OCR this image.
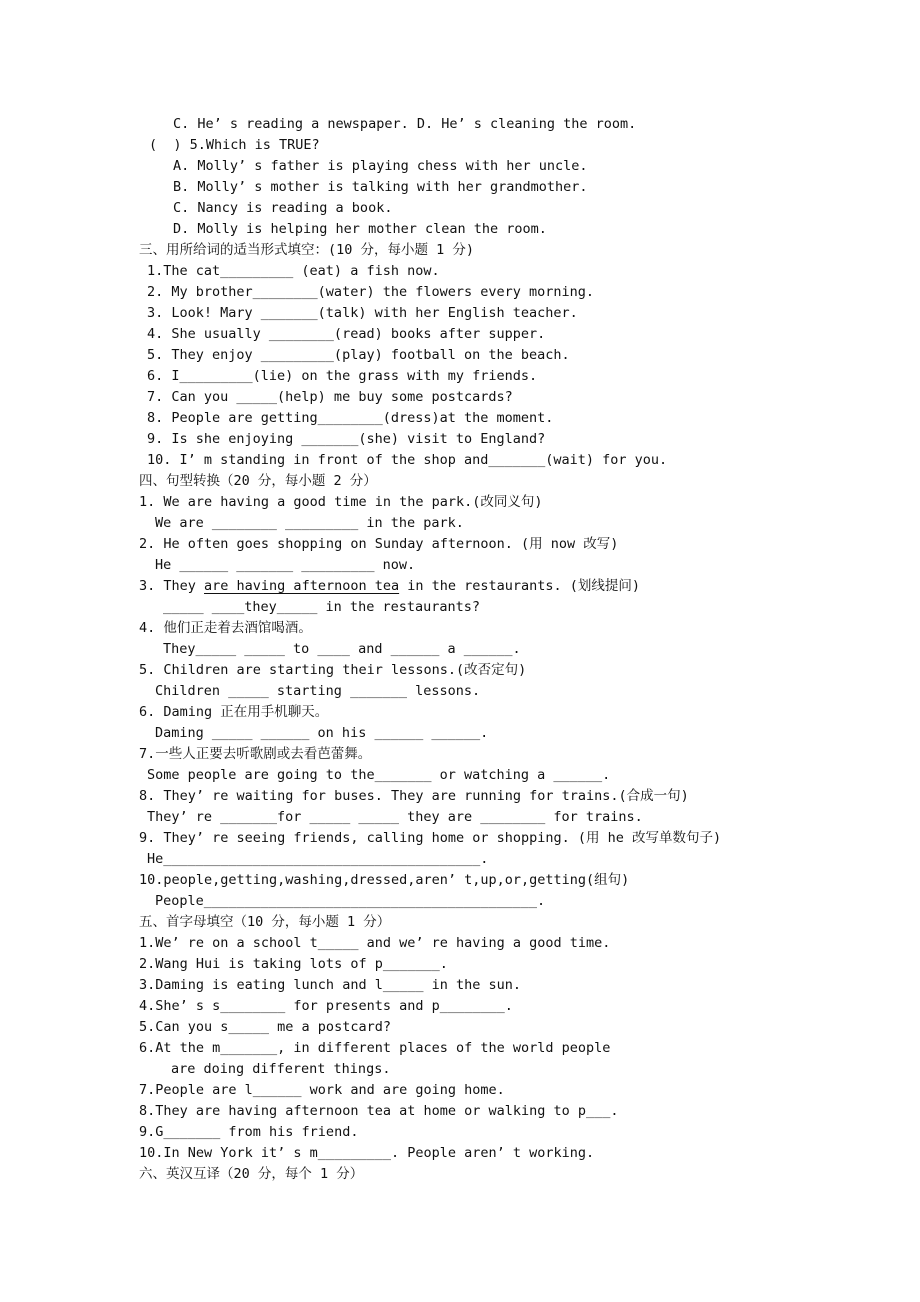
C. He’ s reading a newspaper. D. He’ s cleaning the room.
(  ) 5.Which is TRUE?
A. Molly’ s father is playing chess with her uncle.
B. Molly’ s mother is talking with her grandmother.
C. Nancy is reading a book.
D. Molly is helping her mother clean the room.
三、用所给词的适当形式填空：(10 分，每小题 1 分)
1.The cat_________ (eat) a fish now.
2. My brother________(water) the flowers every morning.
3. Look! Mary _______(talk) with her English teacher.
4. She usually ________(read) books after supper.
5. They enjoy _________(play) football on the beach.
6. I_________(lie) on the grass with my friends.
7. Can you _____(help) me buy some postcards?
8. People are getting________(dress)at the moment.
9. Is she enjoying _______(she) visit to England?
10. I’ m standing in front of the shop and_______(wait) for you.
四、句型转换（20 分，每小题 2 分）
1. We are having a good time in the park.(改同义句)
We are ________ _________ in the park.
2. He often goes shopping on Sunday afternoon. (用 now 改写)
He ______ _______ _________ now.
3. They are having afternoon tea in the restaurants. (划线提问)
_____ ____they_____ in the restaurants?
4. 他们正走着去酒馆喝酒。
They_____ _____ to ____ and ______ a ______.
5. Children are starting their lessons.(改否定句)
Children _____ starting _______ lessons.
6. Daming 正在用手机聊天。
Daming _____ ______ on his ______ ______.
7.一些人正要去听歌剧或去看芭蕾舞。
Some people are going to the_______ or watching a ______.
8. They’ re waiting for buses. They are running for trains.(合成一句)
They’ re _______for _____ _____ they are ________ for trains.
9. They’ re seeing friends, calling home or shopping. (用 he 改写单数句子)
He_______________________________________.
10.people,getting,washing,dressed,aren’ t,up,or,getting(组句)
People_________________________________________.
五、首字母填空（10 分，每小题 1 分）
1.We’ re on a school t_____ and we’ re having a good time.
2.Wang Hui is taking lots of p_______.
3.Daming is eating lunch and l_____ in the sun.
4.She’ s s________ for presents and p________.
5.Can you s_____ me a postcard?
6.At the m_______, in different places of the world people
are doing different things.
7.People are l______ work and are going home.
8.They are having afternoon tea at home or walking to p___.
9.G_______ from his friend.
10.In New York it’ s m_________. People aren’ t working.
六、英汉互译（20 分，每个 1 分）
